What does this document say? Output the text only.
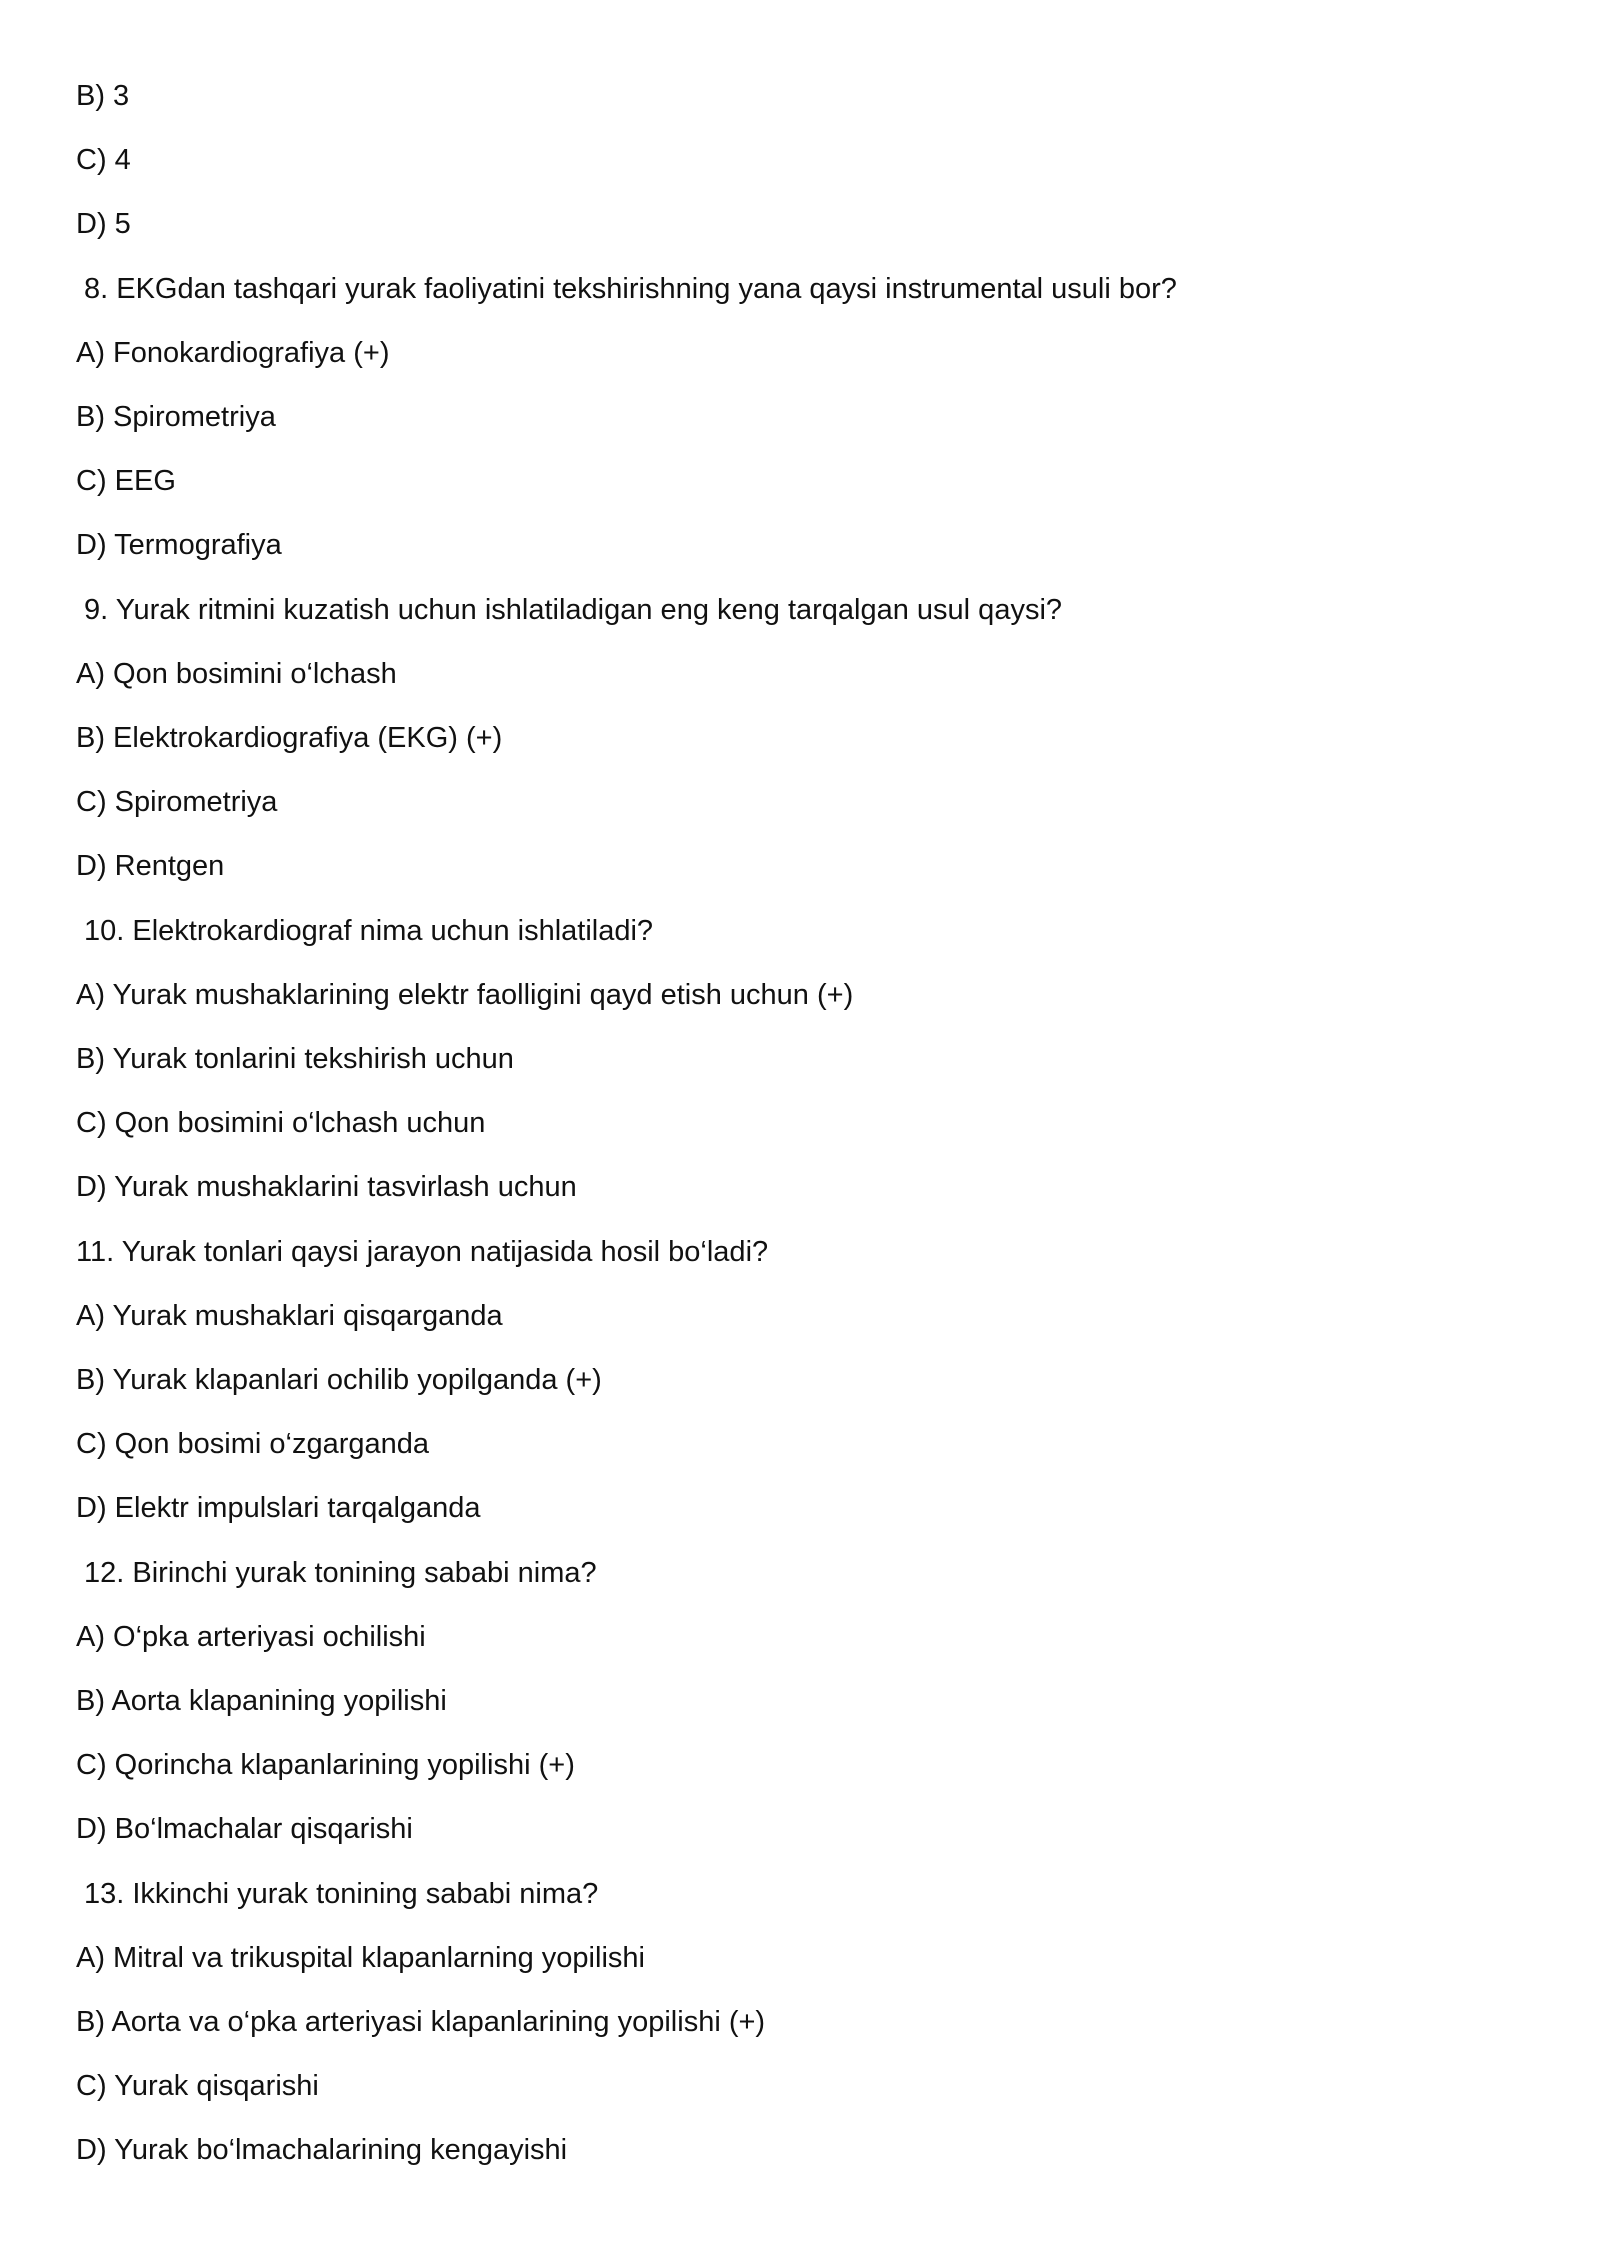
B) 3
C) 4
D) 5
8. EKGdan tashqari yurak faoliyatini tekshirishning yana qaysi instrumental usuli bor?
A) Fonokardiografiya (+)
B) Spirometriya
C) EEG
D) Termografiya
9. Yurak ritmini kuzatish uchun ishlatiladigan eng keng tarqalgan usul qaysi?
A) Qon bosimini o‘lchash
B) Elektrokardiografiya (EKG) (+)
C) Spirometriya
D) Rentgen
10. Elektrokardiograf nima uchun ishlatiladi?
A) Yurak mushaklarining elektr faolligini qayd etish uchun (+)
B) Yurak tonlarini tekshirish uchun
C) Qon bosimini o‘lchash uchun
D) Yurak mushaklarini tasvirlash uchun
11. Yurak tonlari qaysi jarayon natijasida hosil bo‘ladi?
A) Yurak mushaklari qisqarganda
B) Yurak klapanlari ochilib yopilganda (+)
C) Qon bosimi o‘zgarganda
D) Elektr impulslari tarqalganda
12. Birinchi yurak tonining sababi nima?
A) O‘pka arteriyasi ochilishi
B) Aorta klapanining yopilishi
C) Qorincha klapanlarining yopilishi (+)
D) Bo‘lmachalar qisqarishi
13. Ikkinchi yurak tonining sababi nima?
A) Mitral va trikuspital klapanlarning yopilishi
B) Aorta va o‘pka arteriyasi klapanlarining yopilishi (+)
C) Yurak qisqarishi
D) Yurak bo‘lmachalarining kengayishi
